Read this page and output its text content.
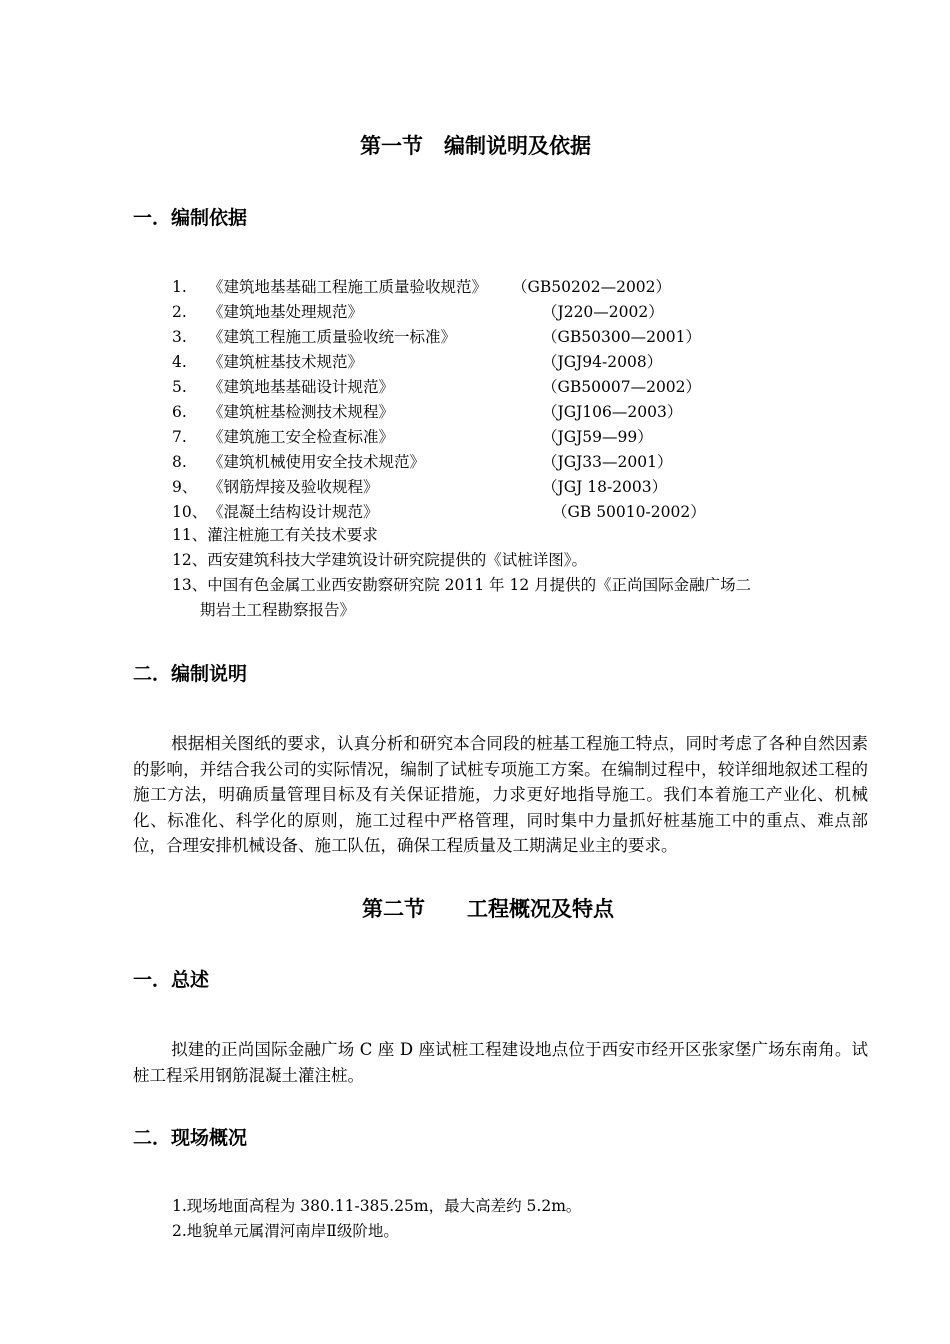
第一节　编制说明及依据
一．编制依据
1. 《建筑地基基础工程施工质量验收规范》 （GB50202—2002）
2. 《建筑地基处理规范》	（J220—2002）
3. 《建筑工程施工质量验收统一标准》	（GB50300—2001）
4. 《建筑桩基技术规范》	（JGJ94-2008）
5. 《建筑地基基础设计规范》	（GB50007—2002）
6. 《建筑桩基检测技术规程》	（JGJ106—2003）
7. 《建筑施工安全检查标准》	（JGJ59—99）
8. 《建筑机械使用安全技术规范》	（JGJ33—2001）
9、 《钢筋焊接及验收规程》	（JGJ 18-2003）
10、 《混凝土结构设计规范》	（GB 50010-2002）
11、灌注桩施工有关技术要求
12、西安建筑科技大学建筑设计研究院提供的《试桩详图》。
13、中国有色金属工业西安勘察研究院 2011 年 12 月提供的《正尚国际金融广场二
期岩土工程勘察报告》
二．编制说明
根据相关图纸的要求，认真分析和研究本合同段的桩基工程施工特点，同时考虑了各种自然因素的影响，并结合我公司的实际情况，编制了试桩专项施工方案。在编制过程中，较详细地叙述工程的施工方法，明确质量管理目标及有关保证措施，力求更好地指导施工。我们本着施工产业化、机械化、标准化、科学化的原则，施工过程中严格管理，同时集中力量抓好桩基施工中的重点、难点部位，合理安排机械设备、施工队伍，确保工程质量及工期满足业主的要求。
第二节　　工程概况及特点
一．总述
拟建的正尚国际金融广场 C 座 D 座试桩工程建设地点位于西安市经开区张家堡广场东南角。试桩工程采用钢筋混凝土灌注桩。
二．现场概况
1.现场地面高程为 380.11-385.25m，最大高差约 5.2m。
2.地貌单元属渭河南岸Ⅱ级阶地。
